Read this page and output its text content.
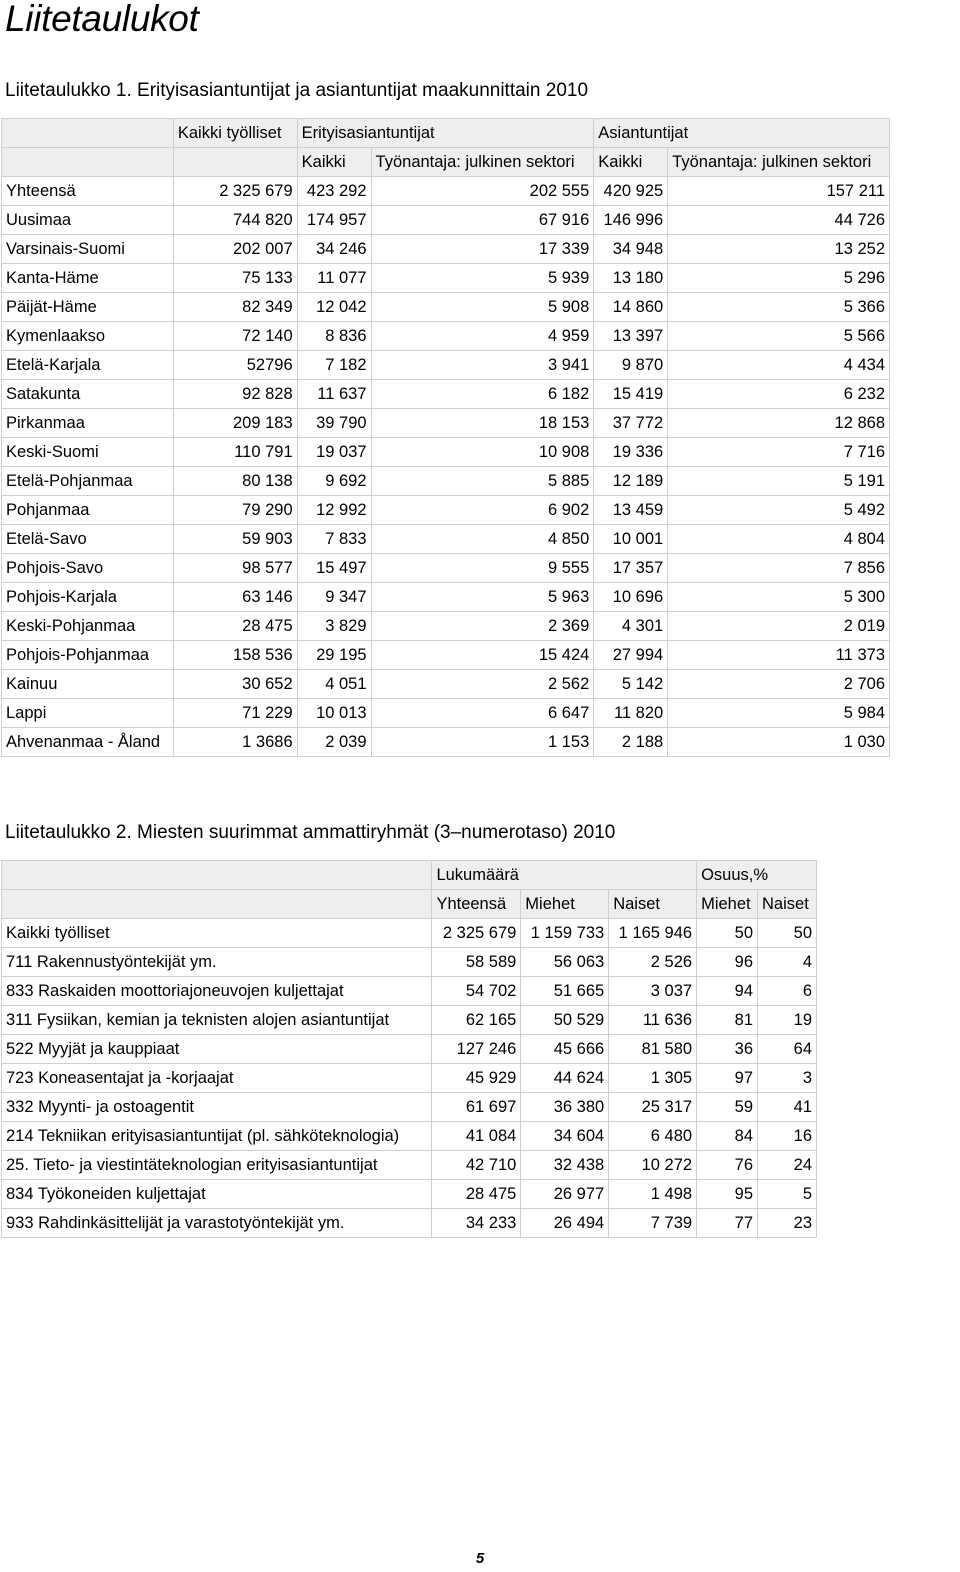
Liitetaulukot
Liitetaulukko 1. Erityisasiantuntijat ja asiantuntijat maakunnittain 2010
	Kaikki työlliset	Erityisasiantuntijat		Asiantuntijat	
		Kaikki	Työnantaja: julkinen sektori	Kaikki	Työnantaja: julkinen sektori
Yhteensä	2 325 679	423 292	202 555	420 925	157 211
Uusimaa	744 820	174 957	67 916	146 996	44 726
Varsinais-Suomi	202 007	34 246	17 339	34 948	13 252
Kanta-Häme	75 133	11 077	5 939	13 180	5 296
Päijät-Häme	82 349	12 042	5 908	14 860	5 366
Kymenlaakso	72 140	8 836	4 959	13 397	5 566
Etelä-Karjala	52796	7 182	3 941	9 870	4 434
Satakunta	92 828	11 637	6 182	15 419	6 232
Pirkanmaa	209 183	39 790	18 153	37 772	12 868
Keski-Suomi	110 791	19 037	10 908	19 336	7 716
Etelä-Pohjanmaa	80 138	9 692	5 885	12 189	5 191
Pohjanmaa	79 290	12 992	6 902	13 459	5 492
Etelä-Savo	59 903	7 833	4 850	10 001	4 804
Pohjois-Savo	98 577	15 497	9 555	17 357	7 856
Pohjois-Karjala	63 146	9 347	5 963	10 696	5 300
Keski-Pohjanmaa	28 475	3 829	2 369	4 301	2 019
Pohjois-Pohjanmaa	158 536	29 195	15 424	27 994	11 373
Kainuu	30 652	4 051	2 562	5 142	2 706
Lappi	71 229	10 013	6 647	11 820	5 984
Ahvenanmaa - Åland	1 3686	2 039	1 153	2 188	1 030
Liitetaulukko 2. Miesten suurimmat ammattiryhmät (3–numerotaso) 2010
	Lukumäärä			Osuus,%	
	Yhteensä	Miehet	Naiset	Miehet	Naiset
Kaikki työlliset	2 325 679	1 159 733	1 165 946	50	50
711 Rakennustyöntekijät ym.	58 589	56 063	2 526	96	4
833 Raskaiden moottoriajoneuvojen kuljettajat	54 702	51 665	3 037	94	6
311 Fysiikan, kemian ja teknisten alojen asiantuntijat	62 165	50 529	11 636	81	19
522 Myyjät ja kauppiaat	127 246	45 666	81 580	36	64
723 Koneasentajat ja -korjaajat	45 929	44 624	1 305	97	3
332 Myynti- ja ostoagentit	61 697	36 380	25 317	59	41
214 Tekniikan erityisasiantuntijat (pl. sähköteknologia)	41 084	34 604	6 480	84	16
25. Tieto- ja viestintäteknologian erityisasiantuntijat	42 710	32 438	10 272	76	24
834 Työkoneiden kuljettajat	28 475	26 977	1 498	95	5
933 Rahdinkäsittelijät ja varastotyöntekijät ym.	34 233	26 494	7 739	77	23
5
